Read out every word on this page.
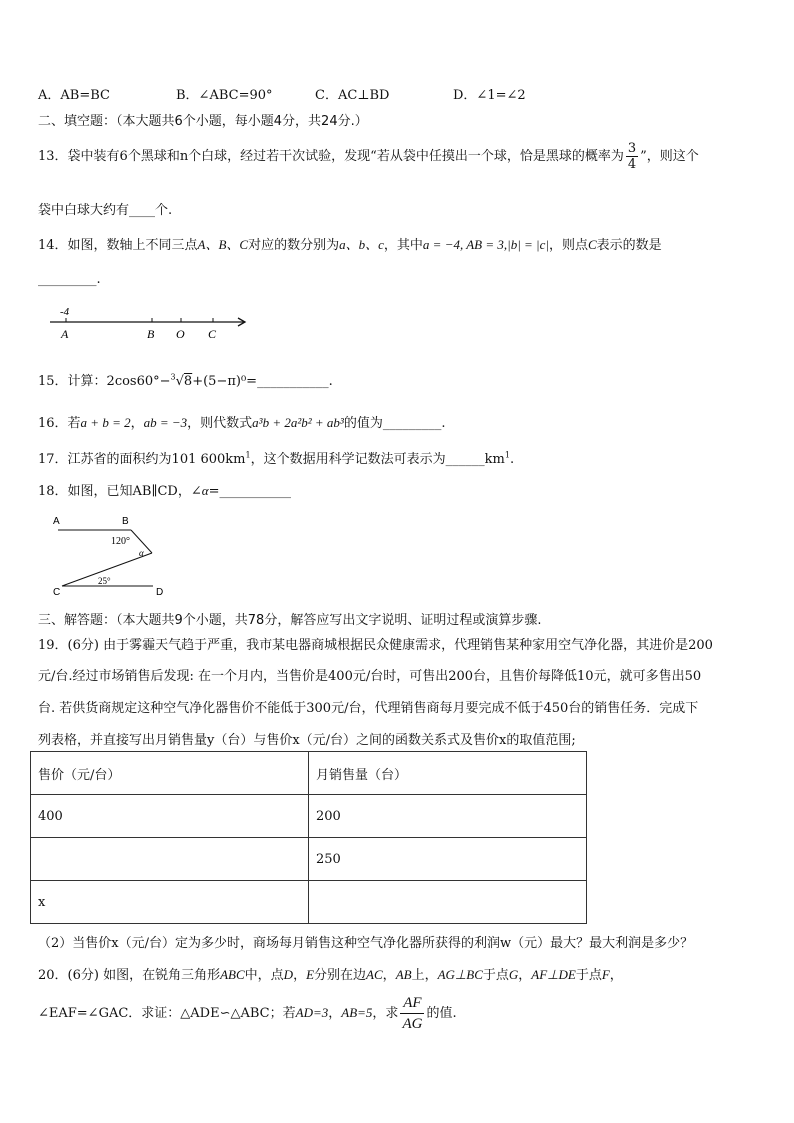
A．AB=BC	B．∠ABC=90°	C．AC⊥BD	D．∠1=∠2
二、填空题：（本大题共6个小题，每小题4分，共24分.）
13．袋中装有6个黑球和n个白球，经过若干次试验，发现“若从袋中任摸出一个球，恰是黑球的概率为 $\frac{3}{4}$ ”，则这个
袋中白球大约有____个.
14．如图，数轴上不同三点A、B、C对应的数分别为a、b、c，其中a = −4, AB = 3,|b| = |c|，则点C表示的数是
_________.
-4
A	B O C
15．计算：2cos60°−$^3$√8+(5−π)⁰=___________.
16．若a + b = 2，ab = −3，则代数式a³b + 2a²b² + ab³的值为_________.
17．江苏省的面积约为101 $600km^1$，这个数据用科学记数法可表示为$\_\_\_\_\_\_km^1$.
18．如图，已知AB∥CD，∠α=___________
A	B
C	D
120°
α
25°
三、解答题：（本大题共9个小题，共78分，解答应写出文字说明、证明过程或演算步骤.
19．(6分) 由于雾霾天气趋于严重，我市某电器商城根据民众健康需求，代理销售某种家用空气净化器，其进价是200
元/台.经过市场销售后发现: 在一个月内，当售价是400元/台时，可售出200台，且售价每降低10元，就可多售出50
台. 若供货商规定这种空气净化器售价不能低于300元/台，代理销售商每月要完成不低于450台的销售任务．完成下
列表格，并直接写出月销售量y（台）与售价x（元/台）之间的函数关系式及售价x的取值范围;
售价（元/台）	月销售量（台）
400	200
	250
x	
（2）当售价x（元/台）定为多少时，商场每月销售这种空气净化器所获得的利润w（元）最大？最大利润是多少？
20．(6分) 如图，在锐角三角形ABC中，点D，E分别在边AC，AB上，AG⊥BC于点G，AF⊥DE于点F，
∠EAF=∠GAC．求证：△ADE∽△ABC；若AD=3，AB=5，求 $\frac{AF}{AG}$ 的值.
